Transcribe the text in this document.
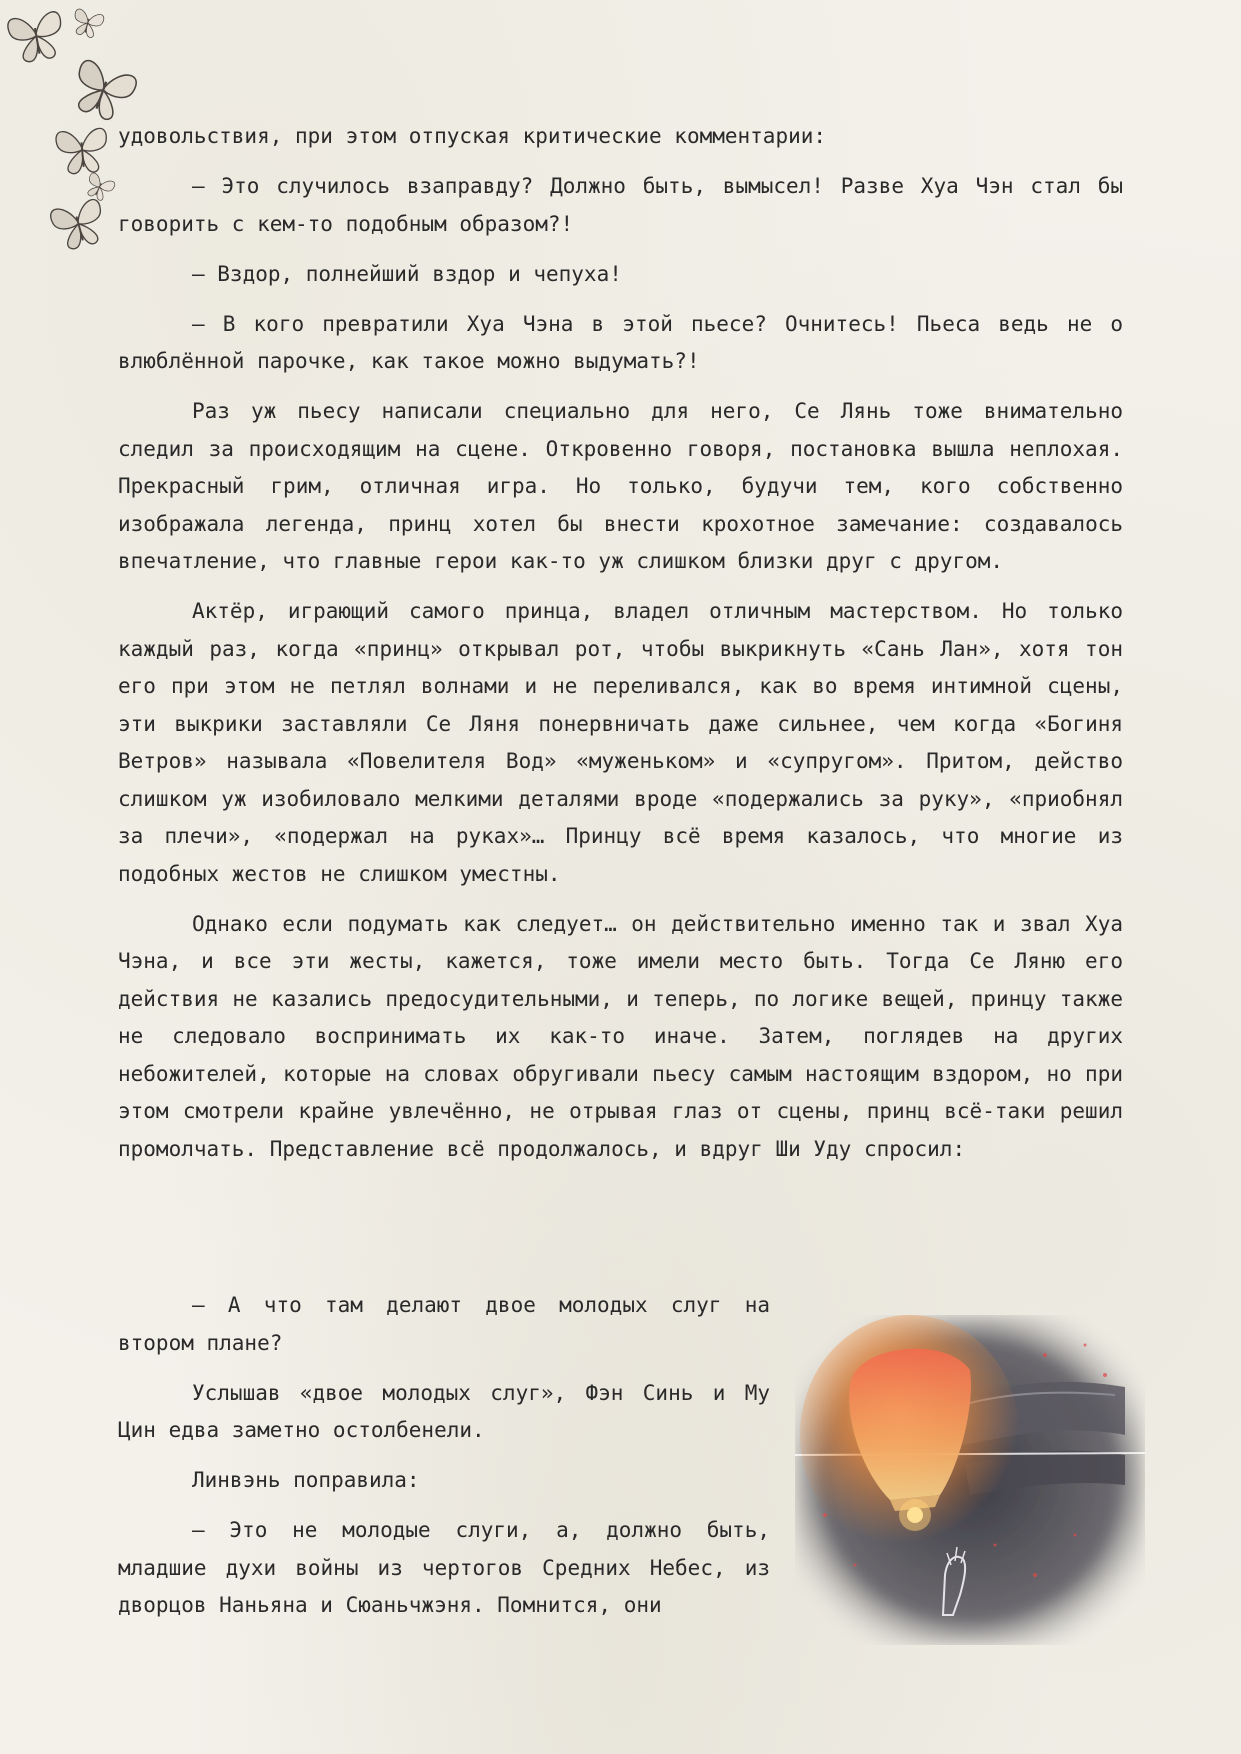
удовольствия, при этом отпуская критические комментарии:

— Это случилось взаправду? Должно быть, вымысел! Разве Хуа Чэн стал бы говорить с кем-то подобным образом?!

— Вздор, полнейший вздор и чепуха!

— В кого превратили Хуа Чэна в этой пьесе? Очнитесь! Пьеса ведь не о влюблённой парочке, как такое можно выдумать?!

Раз уж пьесу написали специально для него, Се Лянь тоже внимательно следил за происходящим на сцене. Откровенно говоря, постановка вышла неплохая. Прекрасный грим, отличная игра. Но только, будучи тем, кого собственно изображала легенда, принц хотел бы внести крохотное замечание: создавалось впечатление, что главные герои как-то уж слишком близки друг с другом.

Актёр, играющий самого принца, владел отличным мастерством. Но только каждый раз, когда «принц» открывал рот, чтобы выкрикнуть «Сань Лан», хотя тон его при этом не петлял волнами и не переливался, как во время интимной сцены, эти выкрики заставляли Се Ляня понервничать даже сильнее, чем когда «Богиня Ветров» называла «Повелителя Вод» «муженьком» и «супругом». Притом, действо слишком уж изобиловало мелкими деталями вроде «подержались за руку», «приобнял за плечи», «подержал на руках»… Принцу всё время казалось, что многие из подобных жестов не слишком уместны.

Однако если подумать как следует… он действительно именно так и звал Хуа Чэна, и все эти жесты, кажется, тоже имели место быть. Тогда Се Ляню его действия не казались предосудительными, и теперь, по логике вещей, принцу также не следовало воспринимать их как-то иначе. Затем, поглядев на других небожителей, которые на словах обругивали пьесу самым настоящим вздором, но при этом смотрели крайне увлечённо, не отрывая глаз от сцены, принц всё-таки решил промолчать. Представление всё продолжалось, и вдруг Ши Уду спросил:

— А что там делают двое молодых слуг на втором плане?

Услышав «двое молодых слуг», Фэн Синь и Му Цин едва заметно остолбенели.

Линвэнь поправила:

— Это не молодые слуги, а, должно быть, младшие духи войны из чертогов Средних Небес, из дворцов Наньяна и Сюаньчжэня. Помнится, они
